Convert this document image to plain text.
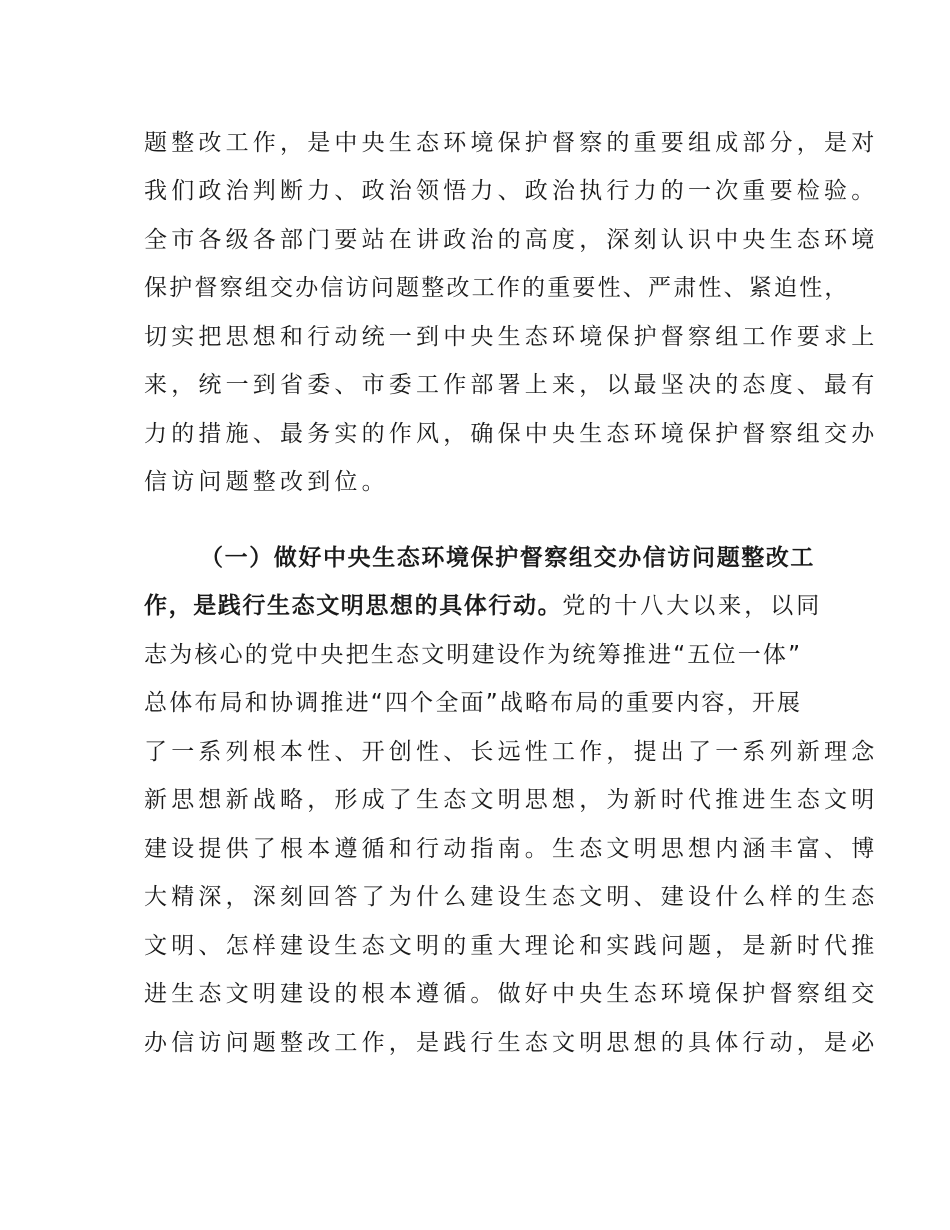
题整改工作，是中央生态环境保护督察的重要组成部分，是对
我们政治判断力、政治领悟力、政治执行力的一次重要检验。
全市各级各部门要站在讲政治的高度，深刻认识中央生态环境
保护督察组交办信访问题整改工作的重要性、严肃性、紧迫性，
切实把思想和行动统一到中央生态环境保护督察组工作要求上
来，统一到省委、市委工作部署上来，以最坚决的态度、最有
力的措施、最务实的作风，确保中央生态环境保护督察组交办
信访问题整改到位。
（一）做好中央生态环境保护督察组交办信访问题整改工
作，是践行生态文明思想的具体行动。党的十八大以来，以同
志为核心的党中央把生态文明建设作为统筹推进“五位一体”
总体布局和协调推进“四个全面”战略布局的重要内容，开展
了一系列根本性、开创性、长远性工作，提出了一系列新理念
新思想新战略，形成了生态文明思想，为新时代推进生态文明
建设提供了根本遵循和行动指南。生态文明思想内涵丰富、博
大精深，深刻回答了为什么建设生态文明、建设什么样的生态
文明、怎样建设生态文明的重大理论和实践问题，是新时代推
进生态文明建设的根本遵循。做好中央生态环境保护督察组交
办信访问题整改工作，是践行生态文明思想的具体行动，是必
